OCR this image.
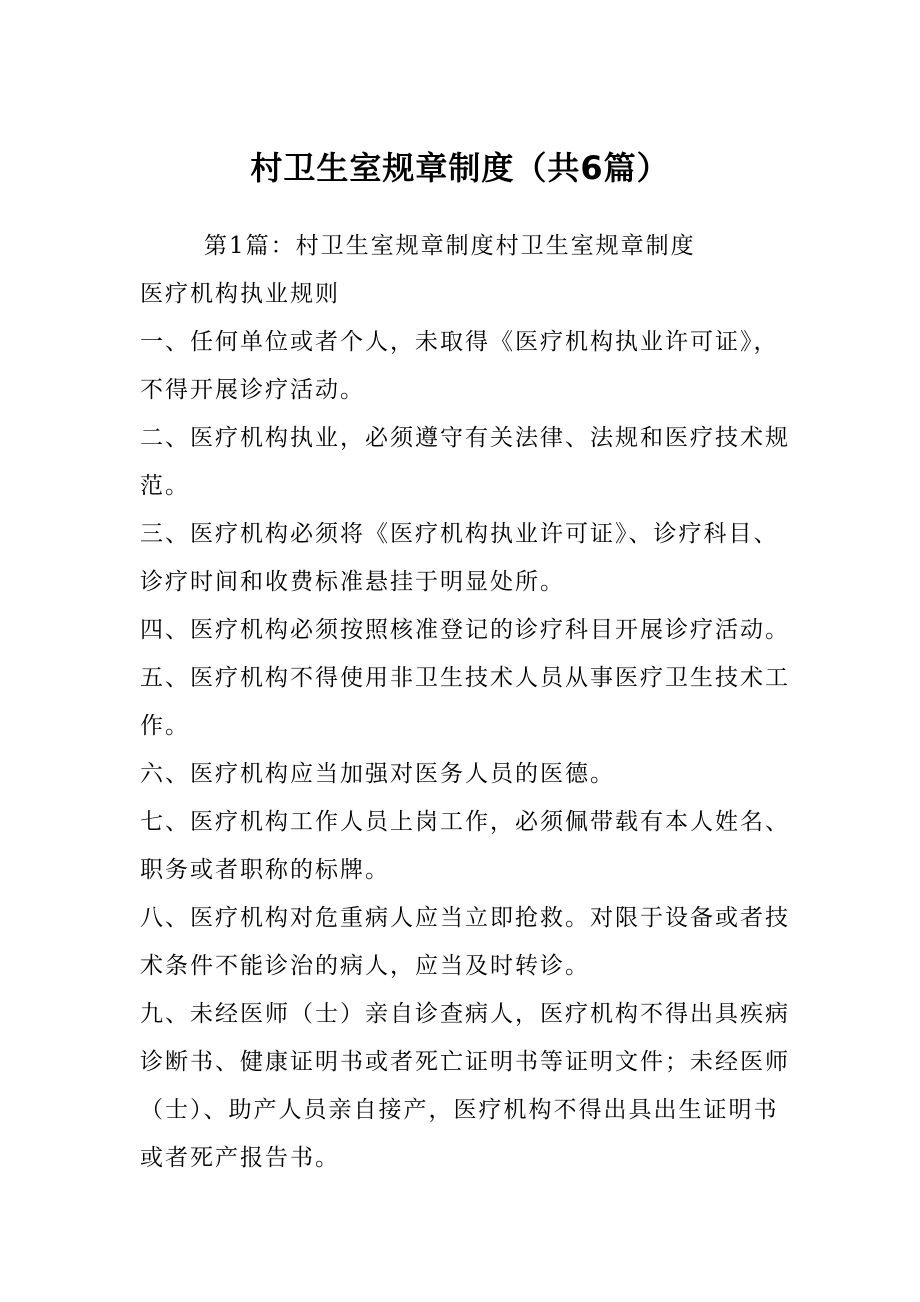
村卫生室规章制度（共6篇）
第1篇：村卫生室规章制度村卫生室规章制度
医疗机构执业规则
一、任何单位或者个人，未取得《医疗机构执业许可证》，
不得开展诊疗活动。
二、医疗机构执业，必须遵守有关法律、法规和医疗技术规
范。
三、医疗机构必须将《医疗机构执业许可证》、诊疗科目、
诊疗时间和收费标准悬挂于明显处所。
四、医疗机构必须按照核准登记的诊疗科目开展诊疗活动。
五、医疗机构不得使用非卫生技术人员从事医疗卫生技术工
作。
六、医疗机构应当加强对医务人员的医德。
七、医疗机构工作人员上岗工作，必须佩带载有本人姓名、
职务或者职称的标牌。
八、医疗机构对危重病人应当立即抢救。对限于设备或者技
术条件不能诊治的病人，应当及时转诊。
九、未经医师（士）亲自诊查病人，医疗机构不得出具疾病
诊断书、健康证明书或者死亡证明书等证明文件；未经医师
（士）、助产人员亲自接产，医疗机构不得出具出生证明书
或者死产报告书。
